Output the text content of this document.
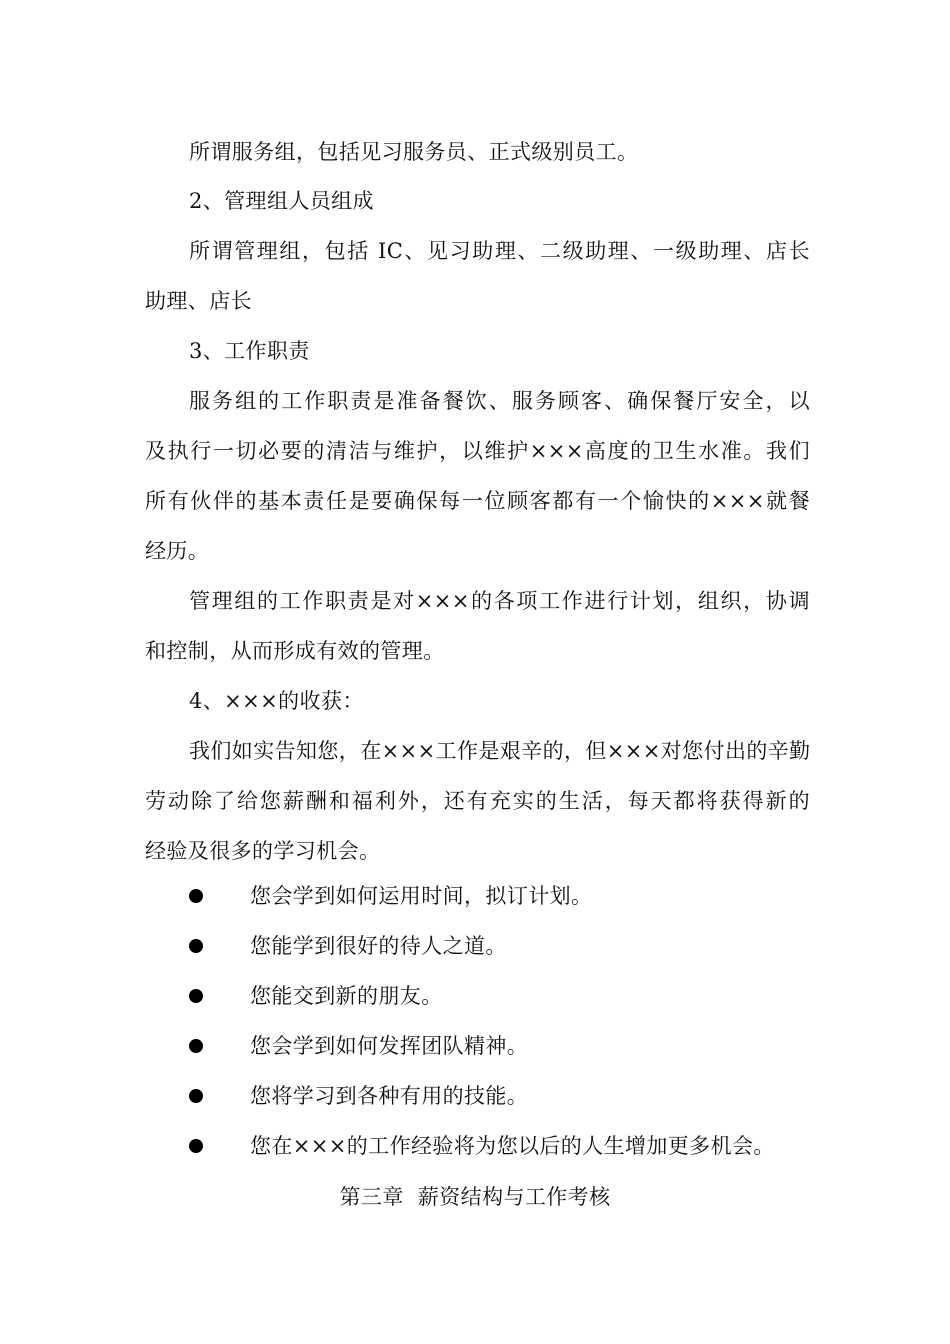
所谓服务组，包括见习服务员、正式级别员工。
2、管理组人员组成
所谓管理组，包括 IC、见习助理、二级助理、一级助理、店长
助理、店长
3、工作职责
服务组的工作职责是准备餐饮、服务顾客、确保餐厅安全，以
及执行一切必要的清洁与维护，以维护×××高度的卫生水准。我们
所有伙伴的基本责任是要确保每一位顾客都有一个愉快的×××就餐
经历。
管理组的工作职责是对×××的各项工作进行计划，组织，协调
和控制，从而形成有效的管理。
4、×××的收获：
我们如实告知您，在×××工作是艰辛的，但×××对您付出的辛勤
劳动除了给您薪酬和福利外，还有充实的生活，每天都将获得新的
经验及很多的学习机会。
您会学到如何运用时间，拟订计划。
您能学到很好的待人之道。
您能交到新的朋友。
您会学到如何发挥团队精神。
您将学习到各种有用的技能。
您在×××的工作经验将为您以后的人生增加更多机会。
第三章  薪资结构与工作考核
